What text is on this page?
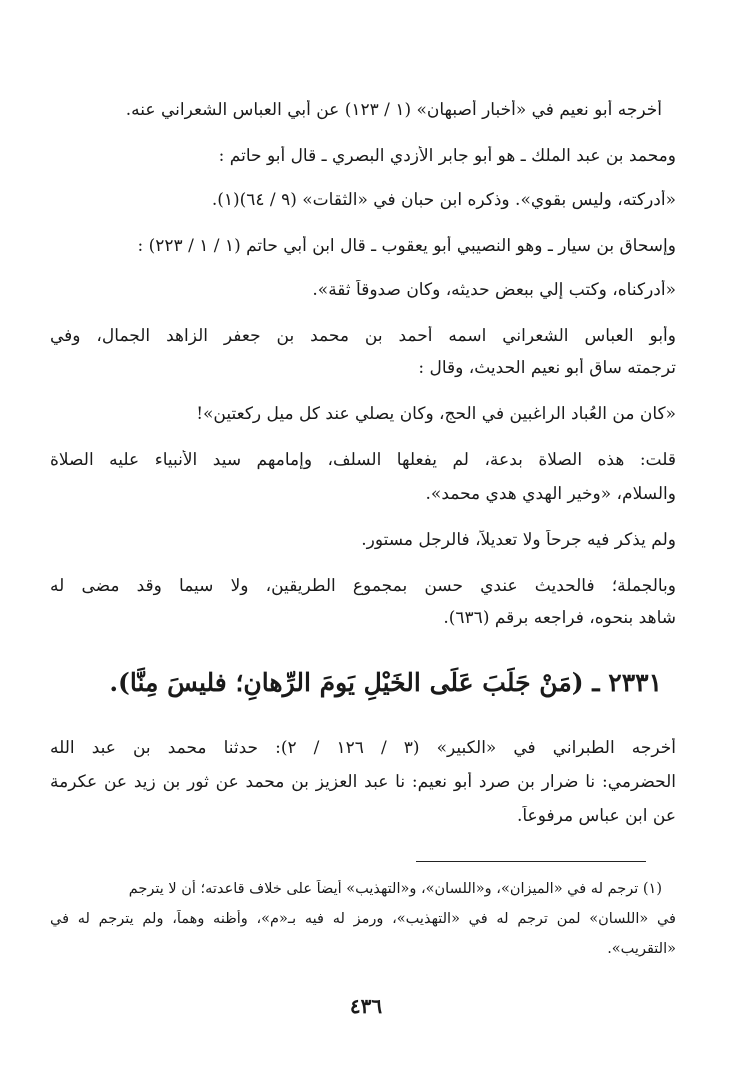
أخرجه أبو نعيم في «أخبار أصبهان» (١ / ١٢٣) عن أبي العباس الشعراني عنه.
ومحمد بن عبد الملك ـ هو أبو جابر الأزدي البصري ـ قال أبو حاتم :
«أدركته، وليس بقوي». وذكره ابن حبان في «الثقات» (٩ / ٦٤)(١).
وإسحاق بن سيار ـ وهو النصيبي أبو يعقوب ـ قال ابن أبي حاتم (١ / ١ / ٢٢٣) :
«أدركناه، وكتب إلي ببعض حديثه، وكان صدوقاً ثقة».
وأبو العباس الشعراني اسمه أحمد بن محمد بن جعفر الزاهد الجمال، وفي
ترجمته ساق أبو نعيم الحديث، وقال :
«كان من العُباد الراغبين في الحج، وكان يصلي عند كل ميل ركعتين»!
قلت: هذه الصلاة بدعة، لم يفعلها السلف، وإمامهم سيد الأنبياء عليه الصلاة
والسلام، «وخير الهدي هدي محمد».
ولم يذكر فيه جرحاً ولا تعديلاً، فالرجل مستور.
وبالجملة؛ فالحديث عندي حسن بمجموع الطريقين، ولا سيما وقد مضى له
شاهد بنحوه، فراجعه برقم (٦٣٦).
٢٣٣١ ـ (مَنْ جَلَبَ عَلَى الخَيْلِ يَومَ الرِّهانِ؛ فليسَ مِنَّا).
أخرجه الطبراني في «الكبير» (٣ / ١٢٦ / ٢): حدثنا محمد بن عبد الله
الحضرمي: نا ضرار بن صرد أبو نعيم: نا عبد العزيز بن محمد عن ثور بن زيد عن عكرمة
عن ابن عباس مرفوعاً.
(١) ترجم له في «الميزان»، و«اللسان»، و«التهذيب» أيضاً على خلاف قاعدته؛ أن لا يترجم
في «اللسان» لمن ترجم له في «التهذيب»، ورمز له فيه بـ«م»، وأظنه وهماً، ولم يترجم له في
«التقريب».
٤٣٦
